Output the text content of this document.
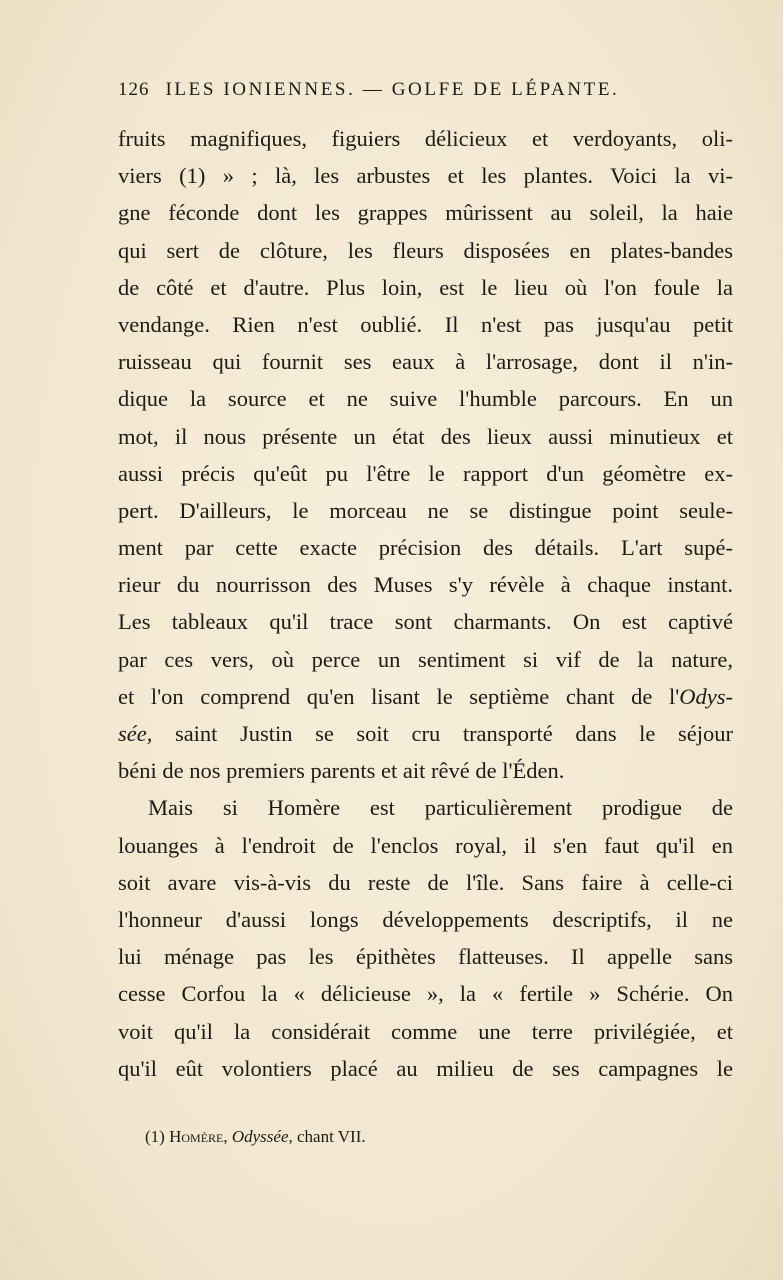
126 ILES IONIENNES. — GOLFE DE LÉPANTE.
fruits magnifiques, figuiers délicieux et verdoyants, oli-
viers (1) » ; là, les arbustes et les plantes. Voici la vi-
gne féconde dont les grappes mûrissent au soleil, la haie
qui sert de clôture, les fleurs disposées en plates-bandes
de côté et d'autre. Plus loin, est le lieu où l'on foule la
vendange. Rien n'est oublié. Il n'est pas jusqu'au petit
ruisseau qui fournit ses eaux à l'arrosage, dont il n'in-
dique la source et ne suive l'humble parcours. En un
mot, il nous présente un état des lieux aussi minutieux et
aussi précis qu'eût pu l'être le rapport d'un géomètre ex-
pert. D'ailleurs, le morceau ne se distingue point seule-
ment par cette exacte précision des détails. L'art supé-
rieur du nourrisson des Muses s'y révèle à chaque instant.
Les tableaux qu'il trace sont charmants. On est captivé
par ces vers, où perce un sentiment si vif de la nature,
et l'on comprend qu'en lisant le septième chant de l'Odys-
sée, saint Justin se soit cru transporté dans le séjour
béni de nos premiers parents et ait rêvé de l'Éden.
Mais si Homère est particulièrement prodigue de
louanges à l'endroit de l'enclos royal, il s'en faut qu'il en
soit avare vis-à-vis du reste de l'île. Sans faire à celle-ci
l'honneur d'aussi longs développements descriptifs, il ne
lui ménage pas les épithètes flatteuses. Il appelle sans
cesse Corfou la « délicieuse », la « fertile » Schérie. On
voit qu'il la considérait comme une terre privilégiée, et
qu'il eût volontiers placé au milieu de ses campagnes le
(1) Homère, Odyssée, chant VII.
